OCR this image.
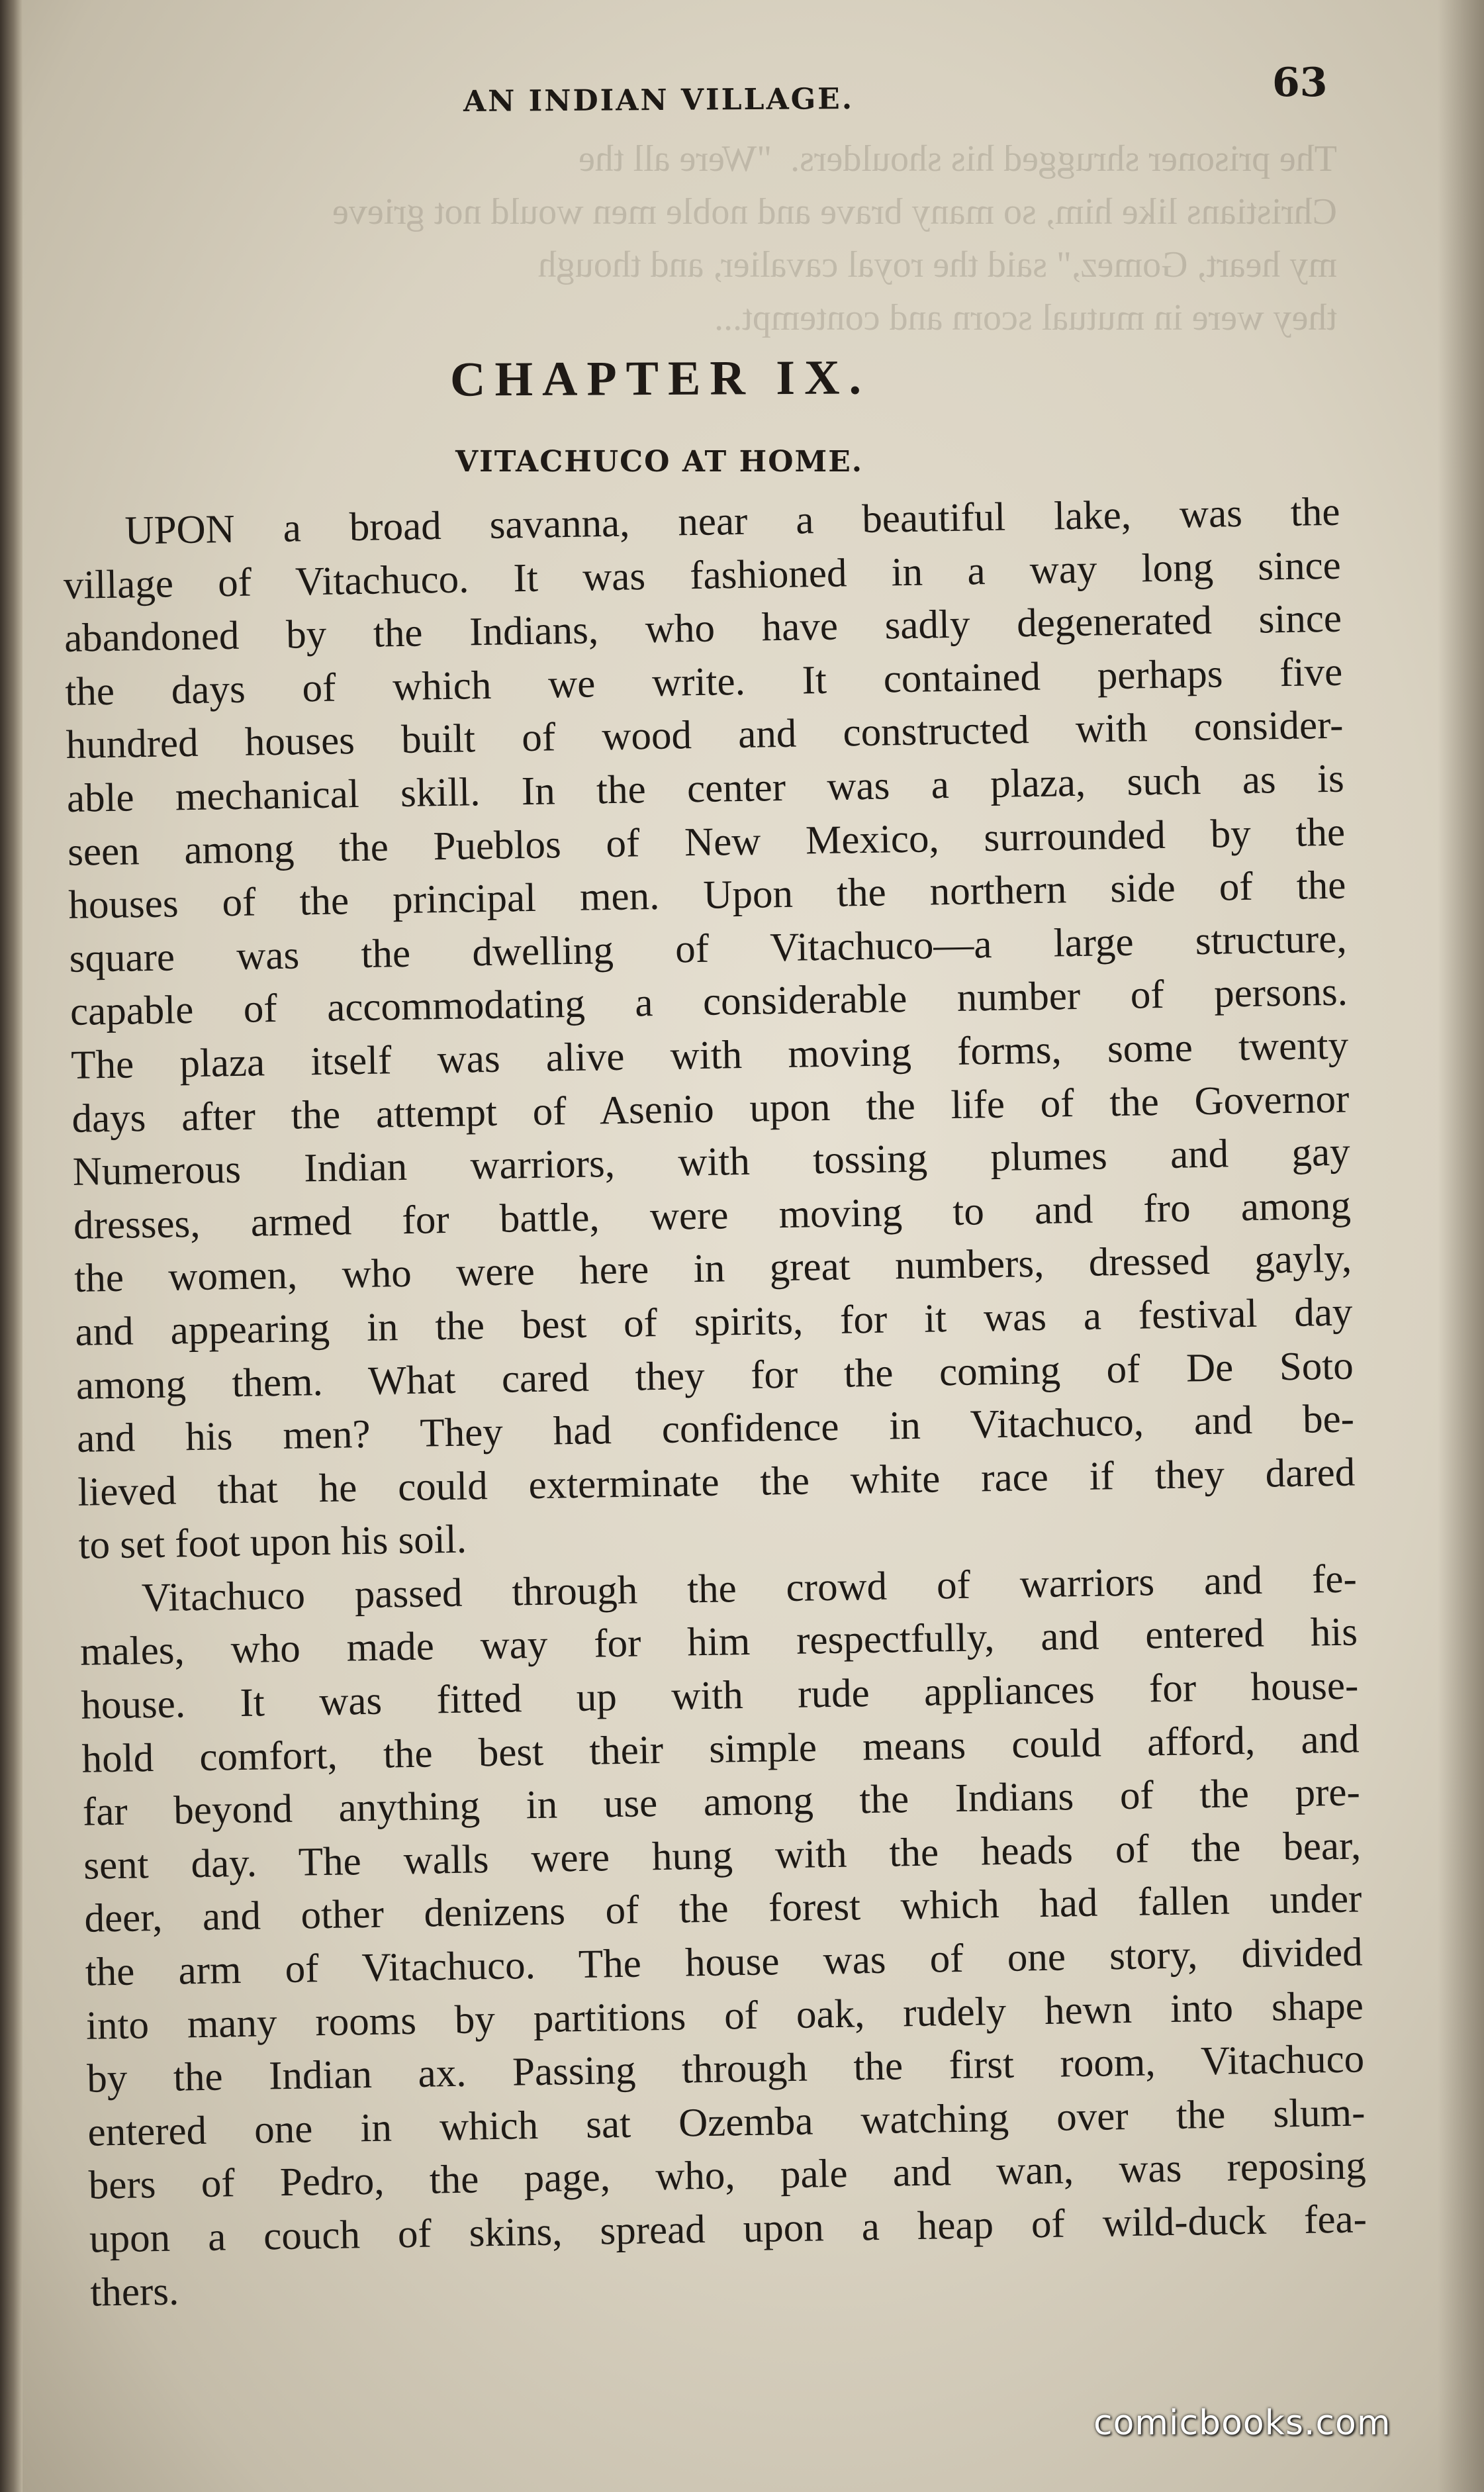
The prisoner shrugged his shoulders.  "Were all the
Christians like him, so many brave and noble men would not grieve
my heart, Gomez," said the royal cavalier, and though
they were in mutual scorn and contempt...
AN INDIAN VILLAGE.	63
CHAPTER IX.
VITACHUCO AT HOME.
UPON a broad savanna, near a beautiful lake, was the
village of Vitachuco. It was fashioned in a way long since
abandoned by the Indians, who have sadly degenerated since
the days of which we write. It contained perhaps five
hundred houses built of wood and constructed with consider-
able mechanical skill. In the center was a plaza, such as is
seen among the Pueblos of New Mexico, surrounded by the
houses of the principal men. Upon the northern side of the
square was the dwelling of Vitachuco—a large structure,
capable of accommodating a considerable number of persons.
The plaza itself was alive with moving forms, some twenty
days after the attempt of Asenio upon the life of the Governor
Numerous Indian warriors, with tossing plumes and gay
dresses, armed for battle, were moving to and fro among
the women, who were here in great numbers, dressed gayly,
and appearing in the best of spirits, for it was a festival day
among them. What cared they for the coming of De Soto
and his men? They had confidence in Vitachuco, and be-
lieved that he could exterminate the white race if they dared
to set foot upon his soil.
Vitachuco passed through the crowd of warriors and fe-
males, who made way for him respectfully, and entered his
house. It was fitted up with rude appliances for house-
hold comfort, the best their simple means could afford, and
far beyond anything in use among the Indians of the pre-
sent day. The walls were hung with the heads of the bear,
deer, and other denizens of the forest which had fallen under
the arm of Vitachuco. The house was of one story, divided
into many rooms by partitions of oak, rudely hewn into shape
by the Indian ax. Passing through the first room, Vitachuco
entered one in which sat Ozemba watching over the slum-
bers of Pedro, the page, who, pale and wan, was reposing
upon a couch of skins, spread upon a heap of wild-duck fea-
thers.
comicbooks.com
